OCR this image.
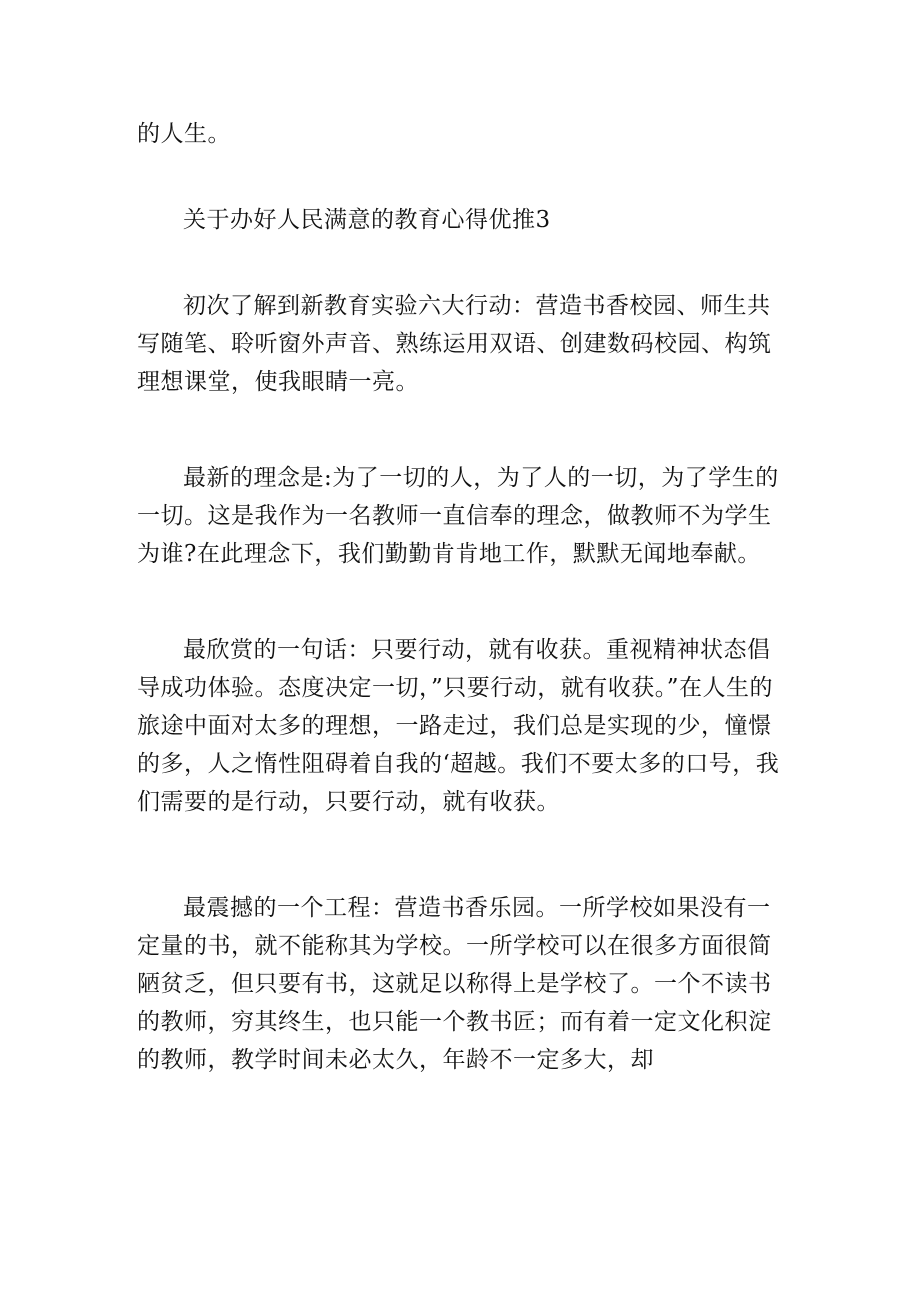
的人生。

关于办好人民满意的教育心得优推3

初次了解到新教育实验六大行动：营造书香校园、师生共写随笔、聆听窗外声音、熟练运用双语、创建数码校园、构筑理想课堂，使我眼睛一亮。

最新的理念是:为了一切的人，为了人的一切，为了学生的一切。这是我作为一名教师一直信奉的理念，做教师不为学生为谁?在此理念下，我们勤勤肯肯地工作，默默无闻地奉献。

最欣赏的一句话：只要行动，就有收获。重视精神状态倡导成功体验。态度决定一切，”只要行动，就有收获。”在人生的旅途中面对太多的理想，一路走过，我们总是实现的少，憧憬的多，人之惰性阻碍着自我的‘超越。我们不要太多的口号，我们需要的是行动，只要行动，就有收获。

最震撼的一个工程：营造书香乐园。一所学校如果没有一定量的书，就不能称其为学校。一所学校可以在很多方面很简陋贫乏，但只要有书，这就足以称得上是学校了。一个不读书的教师，穷其终生，也只能一个教书匠；而有着一定文化积淀的教师，教学时间未必太久，年龄不一定多大，却
